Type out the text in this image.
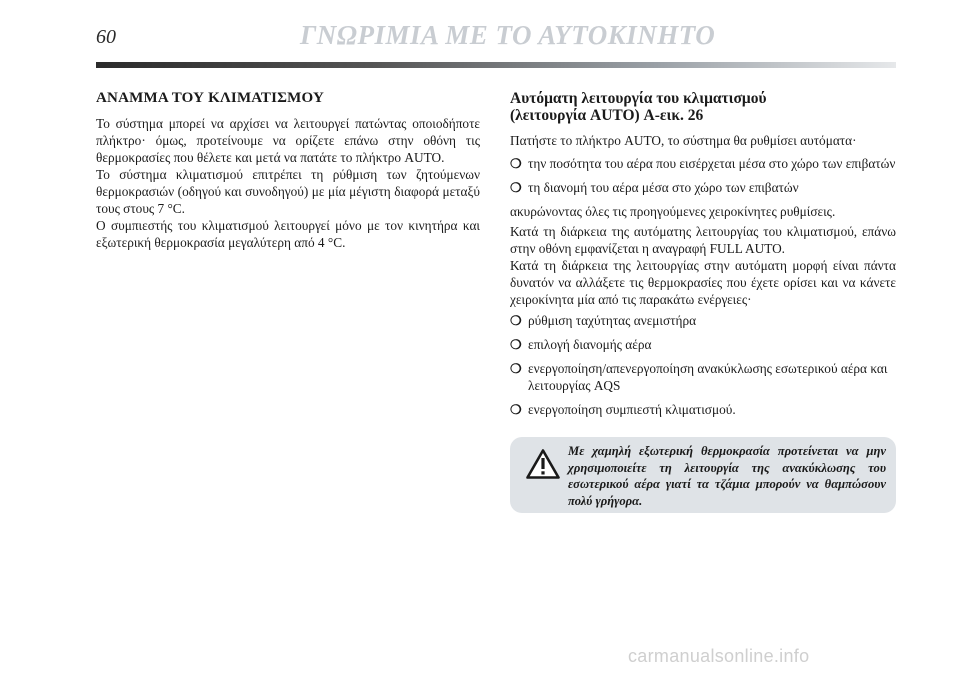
60	ΓΝΩΡΙΜΙΑ ΜΕ ΤΟ ΑΥΤΟΚΙΝΗΤΟ
ΑΝΑΜΜΑ ΤΟΥ ΚΛΙΜΑΤΙΣΜΟΥ

Το σύστημα μπορεί να αρχίσει να λειτουργεί πατώντας οποιοδήποτε πλήκτρο· όμως, προτείνουμε να ορίζετε επάνω στην οθόνη τις θερμοκρασίες που θέλετε και μετά να πατάτε το πλήκτρο AUTO.

Το σύστημα κλιματισμού επιτρέπει τη ρύθμιση των ζητούμενων θερμοκρασιών (οδηγού και συνοδηγού) με μία μέγιστη διαφορά μεταξύ τους στους 7 °C.

Ο συμπιεστής του κλιματισμού λειτουργεί μόνο με τον κινητήρα και εξωτερική θερμοκρασία μεγαλύτερη από 4 °C.

Αυτόματη λειτουργία του κλιματισμού
(λειτουργία AUTO) A-εικ. 26

Πατήστε το πλήκτρο AUTO, το σύστημα θα ρυθμίσει αυτόματα·

❍ την ποσότητα του αέρα που εισέρχεται μέσα στο χώρο των επιβατών
❍ τη διανομή του αέρα μέσα στο χώρο των επιβατών

ακυρώνοντας όλες τις προηγούμενες χειροκίνητες ρυθμίσεις.

Κατά τη διάρκεια της αυτόματης λειτουργίας του κλιματισμού, επάνω στην οθόνη εμφανίζεται η αναγραφή FULL AUTO.

Κατά τη διάρκεια της λειτουργίας στην αυτόματη μορφή είναι πάντα δυνατόν να αλλάξετε τις θερμοκρασίες που έχετε ορίσει και να κάνετε χειροκίνητα μία από τις παρακάτω ενέργειες·

❍ ρύθμιση ταχύτητας ανεμιστήρα
❍ επιλογή διανομής αέρα
❍ ενεργοποίηση/απενεργοποίηση ανακύκλωσης εσωτερικού αέρα και λειτουργίας AQS
❍ ενεργοποίηση συμπιεστή κλιματισμού.
Με χαμηλή εξωτερική θερμοκρασία προτείνεται να μην χρησιμοποιείτε τη λειτουργία της ανακύκλωσης του εσωτερικού αέρα γιατί τα τζάμια μπορούν να θαμπώσουν πολύ γρήγορα.
carmanualsonline.info
